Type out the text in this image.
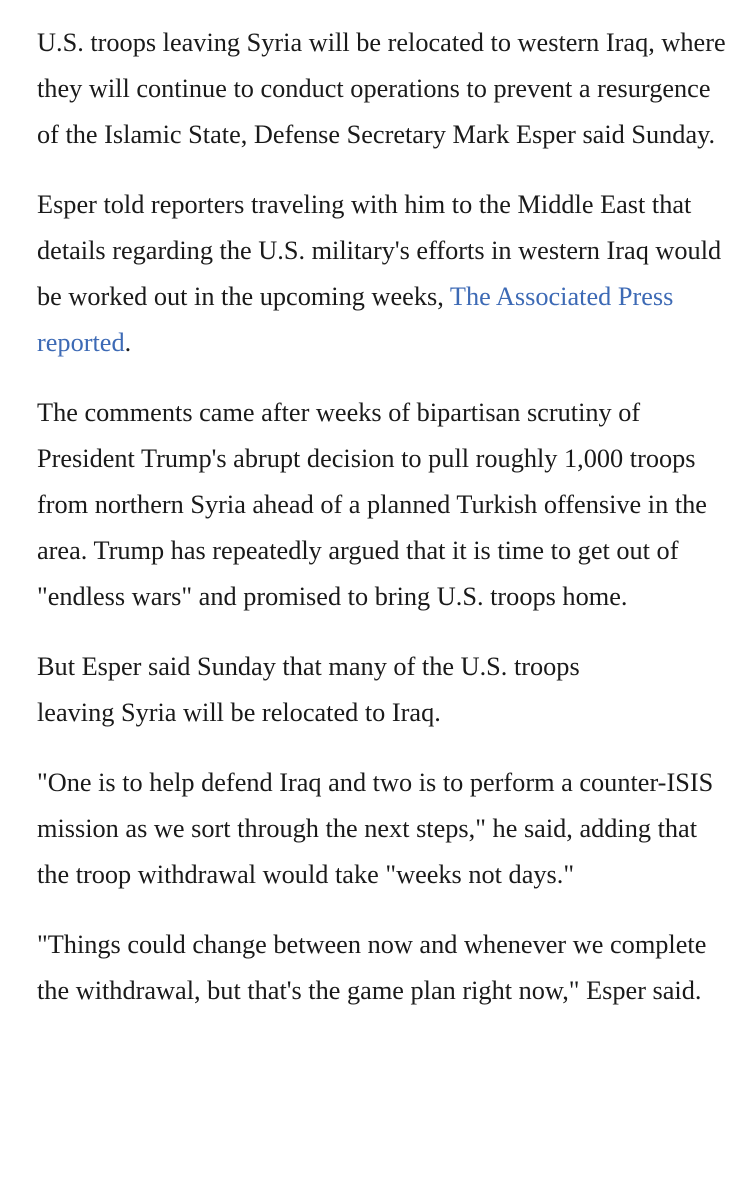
U.S. troops leaving Syria will be relocated to western Iraq, where they will continue to conduct operations to prevent a resurgence of the Islamic State, Defense Secretary Mark Esper said Sunday.

Esper told reporters traveling with him to the Middle East that details regarding the U.S. military's efforts in western Iraq would be worked out in the upcoming weeks, The Associated Press reported.

The comments came after weeks of bipartisan scrutiny of President Trump's abrupt decision to pull roughly 1,000 troops from northern Syria ahead of a planned Turkish offensive in the area. Trump has repeatedly argued that it is time to get out of "endless wars" and promised to bring U.S. troops home.

But Esper said Sunday that many of the U.S. troops leaving Syria will be relocated to Iraq.

"One is to help defend Iraq and two is to perform a counter-ISIS mission as we sort through the next steps," he said, adding that the troop withdrawal would take "weeks not days."

"Things could change between now and whenever we complete the withdrawal, but that's the game plan right now," Esper said.
